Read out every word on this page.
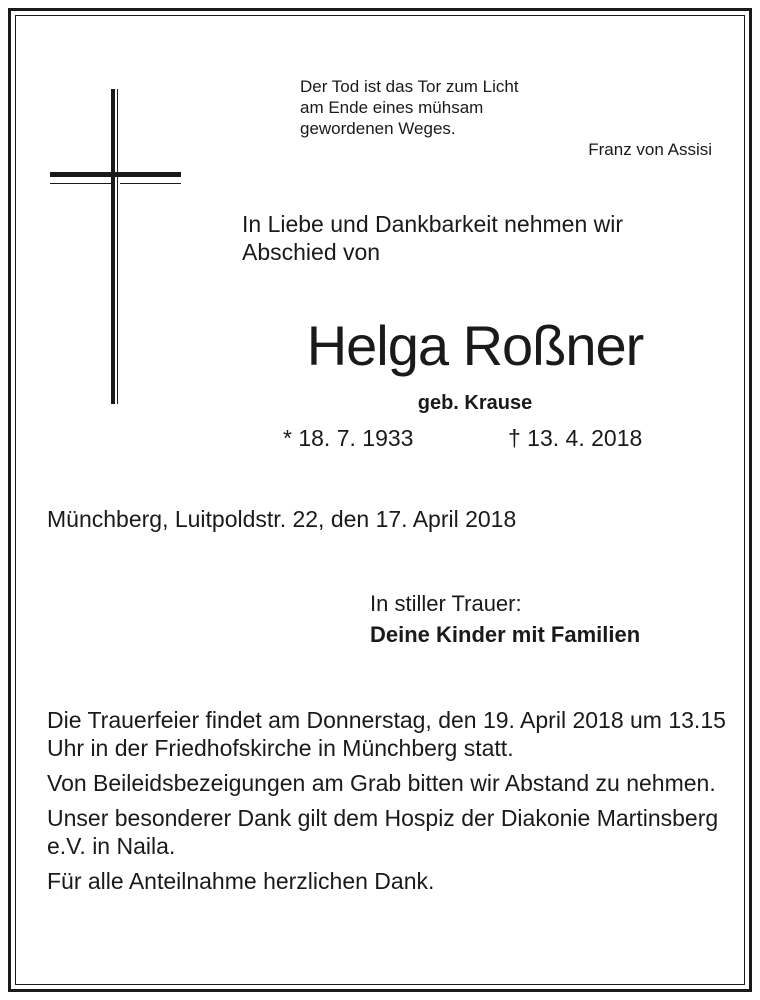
Der Tod ist das Tor zum Licht
am Ende eines mühsam
gewordenen Weges.
Franz von Assisi
In Liebe und Dankbarkeit nehmen wir
Abschied von
Helga Roßner
geb. Krause
* 18. 7. 1933	† 13. 4. 2018
Münchberg, Luitpoldstr. 22, den 17. April 2018
In stiller Trauer:
Deine Kinder mit Familien

Die Trauerfeier findet am Donnerstag, den 19. April 2018 um 13.15 Uhr in der Friedhofskirche in Münchberg statt.

Von Beileidsbezeigungen am Grab bitten wir Abstand zu nehmen.

Unser besonderer Dank gilt dem Hospiz der Diakonie Martinsberg e.V. in Naila.

Für alle Anteilnahme herzlichen Dank.
